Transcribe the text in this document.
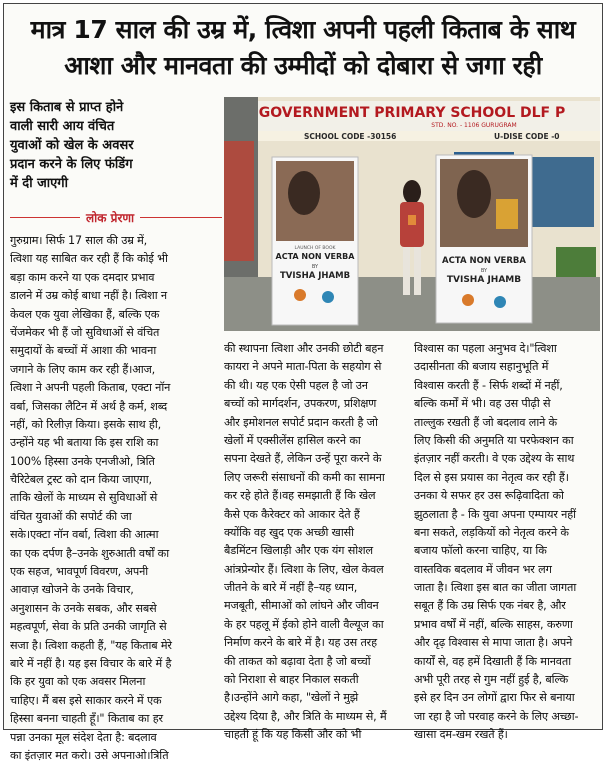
मात्र 17 साल की उम्र में, त्विशा अपनी पहली किताब के साथ
आशा और मानवता की उम्मीदों को दोबारा से जगा रही
इस किताब से प्राप्त होने
वाली सारी आय वंचित
युवाओं को खेल के अवसर
प्रदान करने के लिए फंडिंग
में दी जाएगी
लोक प्रेरणा
GOVERNMENT PRIMARY SCHOOL DLF P
STD. NO. - 1106 GURUGRAM
SCHOOL CODE -30156	U-DISE CODE -0
LAUNCH OF BOOK
ACTA NON VERBA
BY
TVISHA JHAMB
ACTA NON VERBA
BY
TVISHA JHAMB
गुरुग्राम। सिर्फ 17 साल की उम्र में,
त्विशा यह साबित कर रही हैं कि कोई भी
बड़ा काम करने या एक दमदार प्रभाव
डालने में उम्र कोई बाधा नहीं है। त्विशा न
केवल एक युवा लेखिका हैं, बल्कि एक
चेंजमेकर भी हैं जो सुविधाओं से वंचित
समुदायों के बच्चों में आशा की भावना
जगाने के लिए काम कर रही हैं।आज,
त्विशा ने अपनी पहली किताब, एक्टा नॉन
वर्बा, जिसका लैटिन में अर्थ है कर्म, शब्द
नहीं, को रिलीज़ किया। इसके साथ ही,
उन्होंने यह भी बताया कि इस राशि का
100% हिस्सा उनके एनजीओ, त्रिति
चैरिटेबल ट्रस्ट को दान किया जाएगा,
ताकि खेलों के माध्यम से सुविधाओं से
वंचित युवाओं की सपोर्ट की जा
सके।एक्टा नॉन वर्बा, त्विशा की आत्मा
का एक दर्पण है–उनके शुरुआती वर्षों का
एक सहज, भावपूर्ण विवरण, अपनी
आवाज़ खोजने के उनके विचार,
अनुशासन के उनके सबक, और सबसे
महत्वपूर्ण, सेवा के प्रति उनकी जागृति से
सजा है। त्विशा कहती हैं, "यह किताब मेरे
बारे में नहीं है। यह इस विचार के बारे में है
कि हर युवा को एक अवसर मिलना
चाहिए। मैं बस इसे साकार करने में एक
हिस्सा बनना चाहती हूँ।" किताब का हर
पन्ना उनका मूल संदेश देता है: बदलाव
का इंतज़ार मत करो। उसे अपनाओ।त्रिति
की स्थापना त्विशा और उनकी छोटी बहन
कायरा ने अपने माता-पिता के सहयोग से
की थी। यह एक ऐसी पहल है जो उन
बच्चों को मार्गदर्शन, उपकरण, प्रशिक्षण
और इमोशनल सपोर्ट प्रदान करती है जो
खेलों में एक्सीलेंस हासिल करने का
सपना देखते हैं, लेकिन उन्हें पूरा करने के
लिए जरूरी संसाधनों की कमी का सामना
कर रहे होते हैं।वह समझाती हैं कि खेल
कैसे एक कैरेक्टर को आकार देते हैं
क्योंकि वह खुद एक अच्छी खासी
बैडमिंटन खिलाड़ी और एक यंग सोशल
आंत्रप्रेन्योर हैं। त्विशा के लिए, खेल केवल
जीतने के बारे में नहीं है–यह ध्यान,
मजबूती, सीमाओं को लांघने और जीवन
के हर पहलू में ईको होने वाली वैल्यूज का
निर्माण करने के बारे में है। यह उस तरह
की ताकत को बढ़ावा देता है जो बच्चों
को निराशा से बाहर निकाल सकती
है।उन्होंने आगे कहा, "खेलों ने मुझे
उद्देश्य दिया है, और त्रिति के माध्यम से, मैं
चाहती हूं कि यह किसी और को भी
विश्वास का पहला अनुभव दे।"त्विशा
उदासीनता की बजाय सहानुभूति में
विश्वास करती हैं - सिर्फ शब्दों में नहीं,
बल्कि कर्मों में भी। वह उस पीढ़ी से
ताल्लुक रखती हैं जो बदलाव लाने के
लिए किसी की अनुमति या परफेक्शन का
इंतज़ार नहीं करती। वे एक उद्देश्य के साथ
दिल से इस प्रयास का नेतृत्व कर रही हैं।
उनका ये सफर हर उस रूढ़िवादिता को
झुठलाता है - कि युवा अपना एम्पायर नहीं
बना सकते, लड़कियों को नेतृत्व करने के
बजाय फॉलो करना चाहिए, या कि
वास्तविक बदलाव में जीवन भर लग
जाता है। त्विशा इस बात का जीता जागता
सबूत हैं कि उम्र सिर्फ एक नंबर है, और
प्रभाव वर्षों में नहीं, बल्कि साहस, करुणा
और दृढ़ विश्वास से मापा जाता है। अपने
कार्यों से, वह हमें दिखाती हैं कि मानवता
अभी पूरी तरह से गुम नहीं हुई है, बल्कि
इसे हर दिन उन लोगों द्वारा फिर से बनाया
जा रहा है जो परवाह करने के लिए अच्छा-
खासा दम-खम रखते हैं।
